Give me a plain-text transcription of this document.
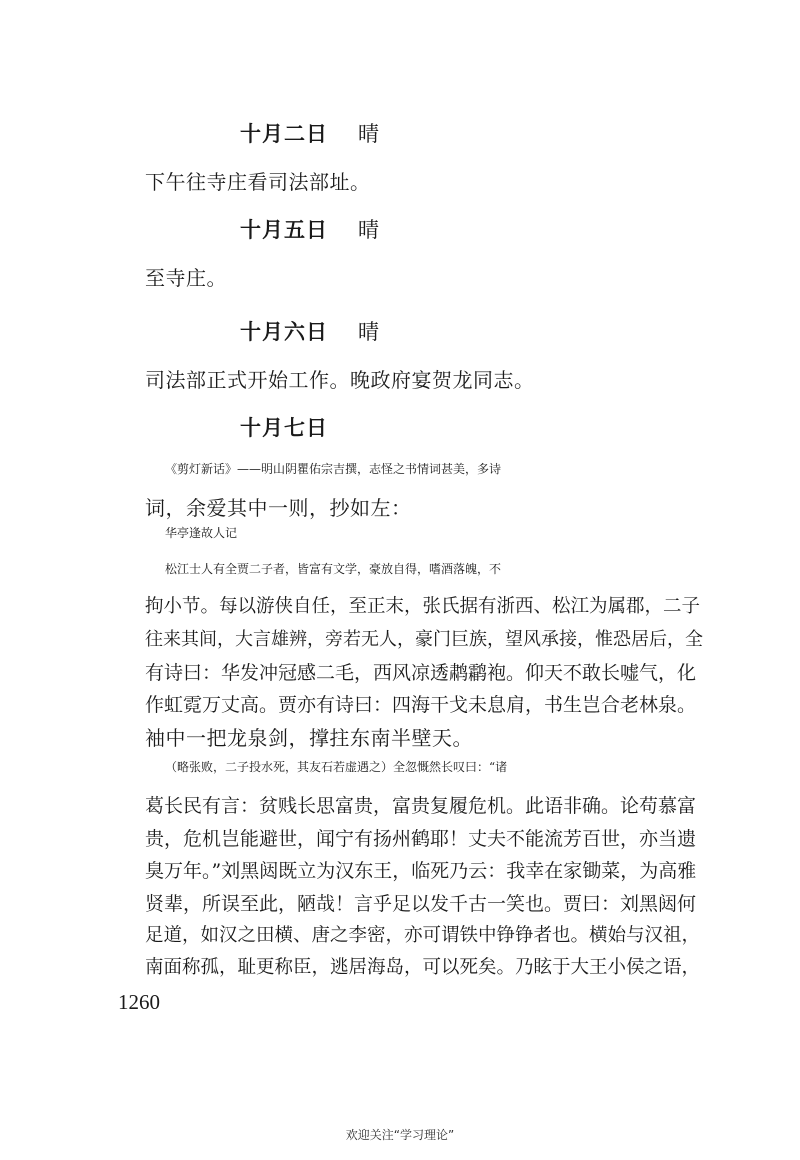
十月二日 晴
下午往寺庄看司法部址。
十月五日 晴
至寺庄。
十月六日 晴
司法部正式开始工作。晚政府宴贺龙同志。
十月七日
《剪灯新话》——明山阴瞿佑宗吉撰，志怪之书情词甚美，多诗
词，余爱其中一则，抄如左：
华亭逢故人记
松江士人有全贾二子者，皆富有文学，豪放自得，嗜酒落魄，不
拘小节。每以游侠自任，至正末，张氏据有浙西、松江为属郡，二子
往来其间，大言雄辨，旁若无人，豪门巨族，望风承接，惟恐居后，全
有诗曰：华发冲冠感二毛，西风凉透鹔鹴袍。仰天不敢长嘘气，化
作虹霓万丈高。贾亦有诗曰：四海干戈未息肩，书生岂合老林泉。
袖中一把龙泉剑，撑拄东南半壁天。
（略张败，二子投水死，其友石若虚遇之）全忽慨然长叹曰：“诸
葛长民有言：贫贱长思富贵，富贵复履危机。此语非确。论苟慕富
贵，危机岂能避世，闻宁有扬州鹤耶！丈夫不能流芳百世，亦当遗
臭万年。”刘黑闼既立为汉东王，临死乃云：我幸在家锄菜，为高雅
贤辈，所误至此，陋哉！言乎足以发千古一笑也。贾曰：刘黑闼何
足道，如汉之田横、唐之李密，亦可谓铁中铮铮者也。横始与汉祖，
南面称孤，耻更称臣，逃居海岛，可以死矣。乃眩于大王小侯之语，
1260
欢迎关注“学习理论”
